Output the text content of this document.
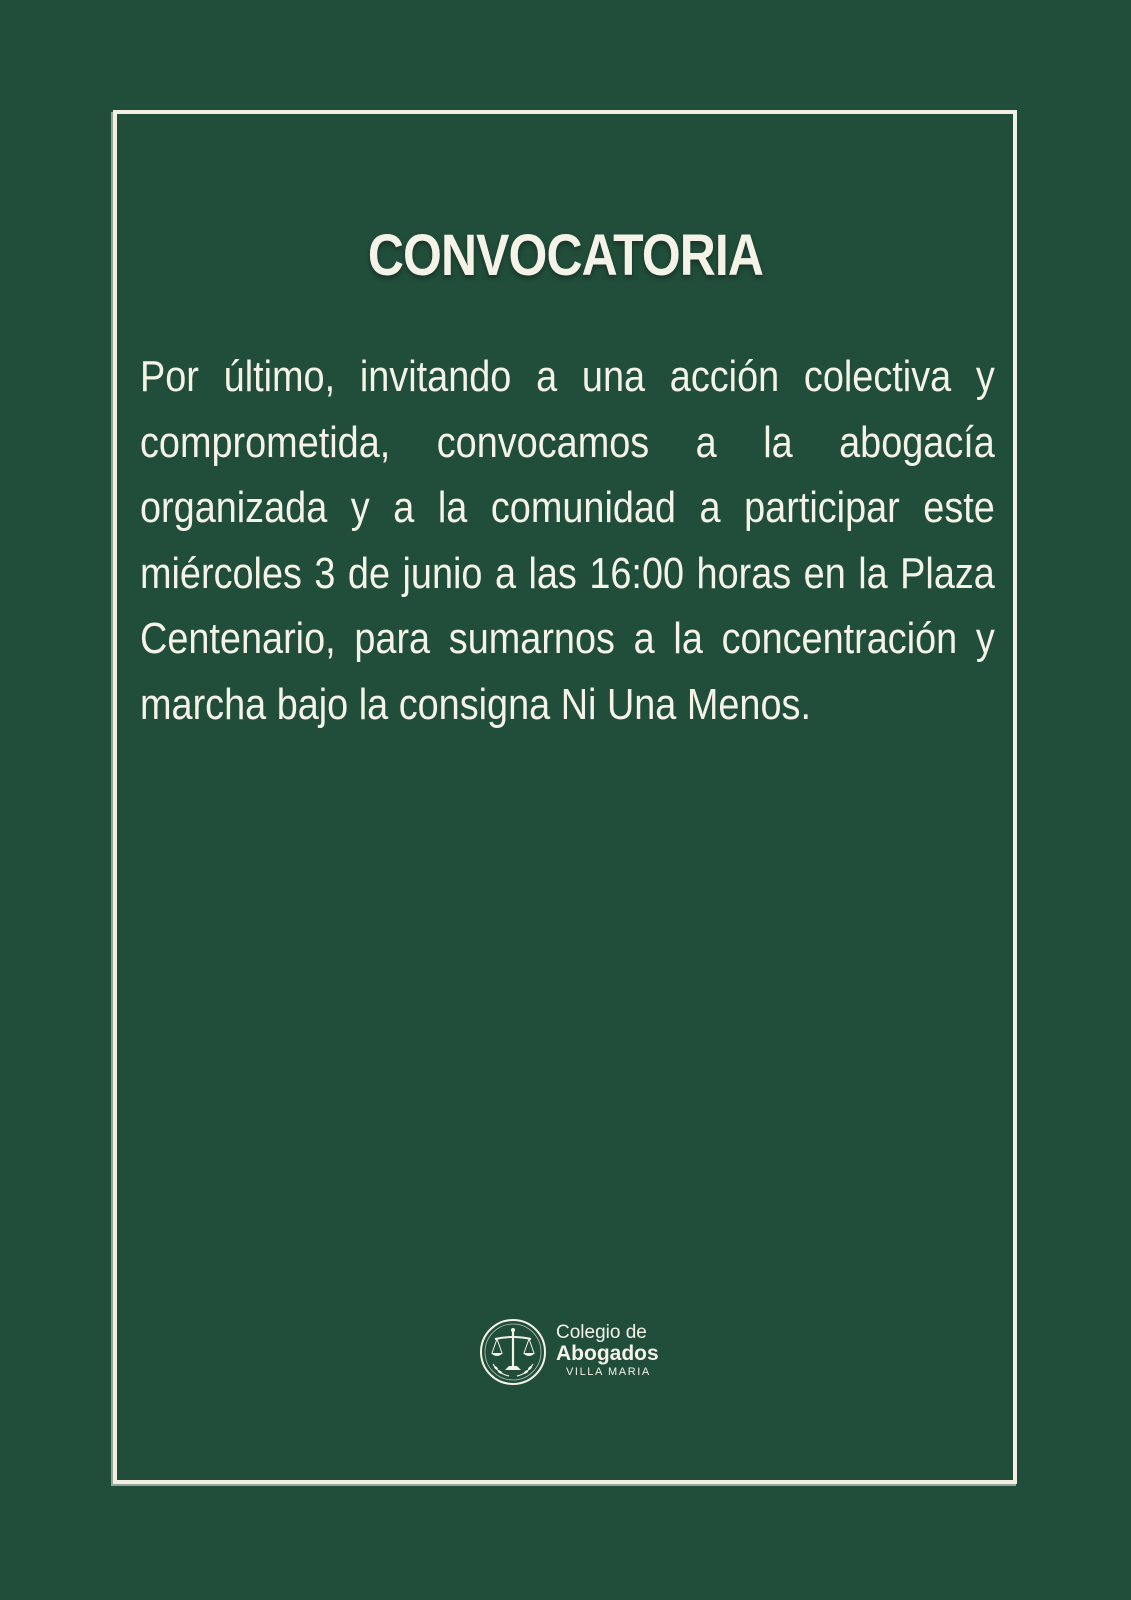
CONVOCATORIA
Por último, invitando a una acción colectiva y comprometida, convocamos a la abogacía organizada y a la comunidad a participar este miércoles 3 de junio a las 16:00 horas en la Plaza Centenario, para sumarnos a la concentración y marcha bajo la consigna Ni Una Menos.
Colegio de
Abogados
VILLA MARIA
